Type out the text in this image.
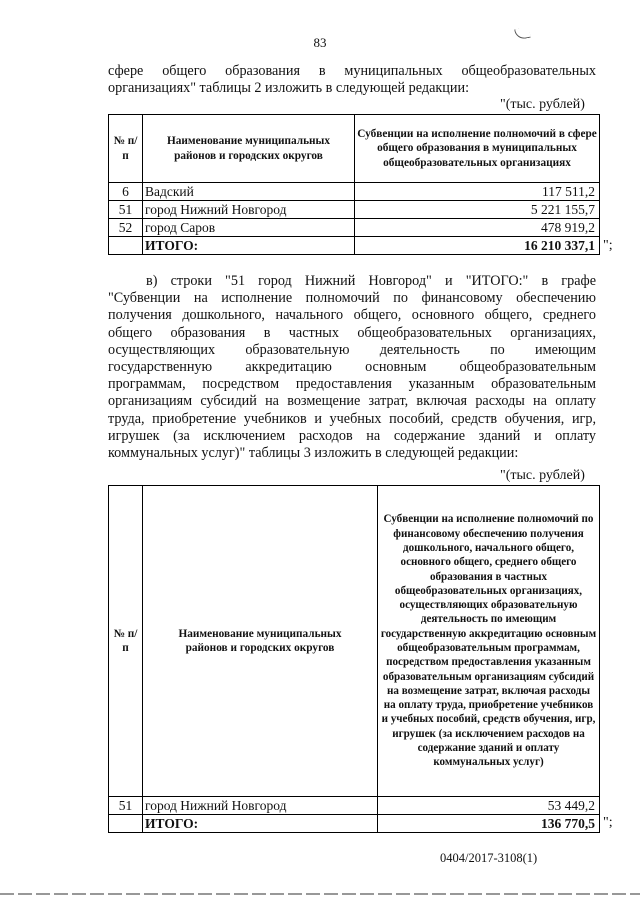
83
сфере общего образования в муниципальных общеобразовательных
организациях" таблицы 2 изложить в следующей редакции:
"(тыс. рублей)
№ п/п	Наименование муниципальных районов и городских округов	Субвенции на исполнение полномочий в сфере общего образования в муниципальных общеобразовательных организациях
6	Вадский	117 511,2
51	город Нижний Новгород	5 221 155,7
52	город Саров	478 919,2
	ИТОГО:	16 210 337,1 ";
в) строки "51 город Нижний Новгород" и "ИТОГО:" в графе
"Субвенции на исполнение полномочий по финансовому обеспечению
получения дошкольного, начального общего, основного общего, среднего
общего образования в частных общеобразовательных организациях,
осуществляющих образовательную деятельность по имеющим
государственную аккредитацию основным общеобразовательным
программам, посредством предоставления указанным образовательным
организациям субсидий на возмещение затрат, включая расходы на оплату
труда, приобретение учебников и учебных пособий, средств обучения, игр,
игрушек (за исключением расходов на содержание зданий и оплату
коммунальных услуг)" таблицы 3 изложить в следующей редакции:
"(тыс. рублей)
№ п/п	Наименование муниципальных районов и городских округов	Субвенции на исполнение полномочий по финансовому обеспечению получения дошкольного, начального общего, основного общего, среднего общего образования в частных общеобразовательных организациях, осуществляющих образовательную деятельность по имеющим государственную аккредитацию основным общеобразовательным программам, посредством предоставления указанным образовательным организациям субсидий на возмещение затрат, включая расходы на оплату труда, приобретение учебников и учебных пособий, средств обучения, игр, игрушек (за исключением расходов на содержание зданий и оплату коммунальных услуг)
51	город Нижний Новгород	53 449,2
	ИТОГО:	136 770,5 ";
0404/2017-3108(1)
